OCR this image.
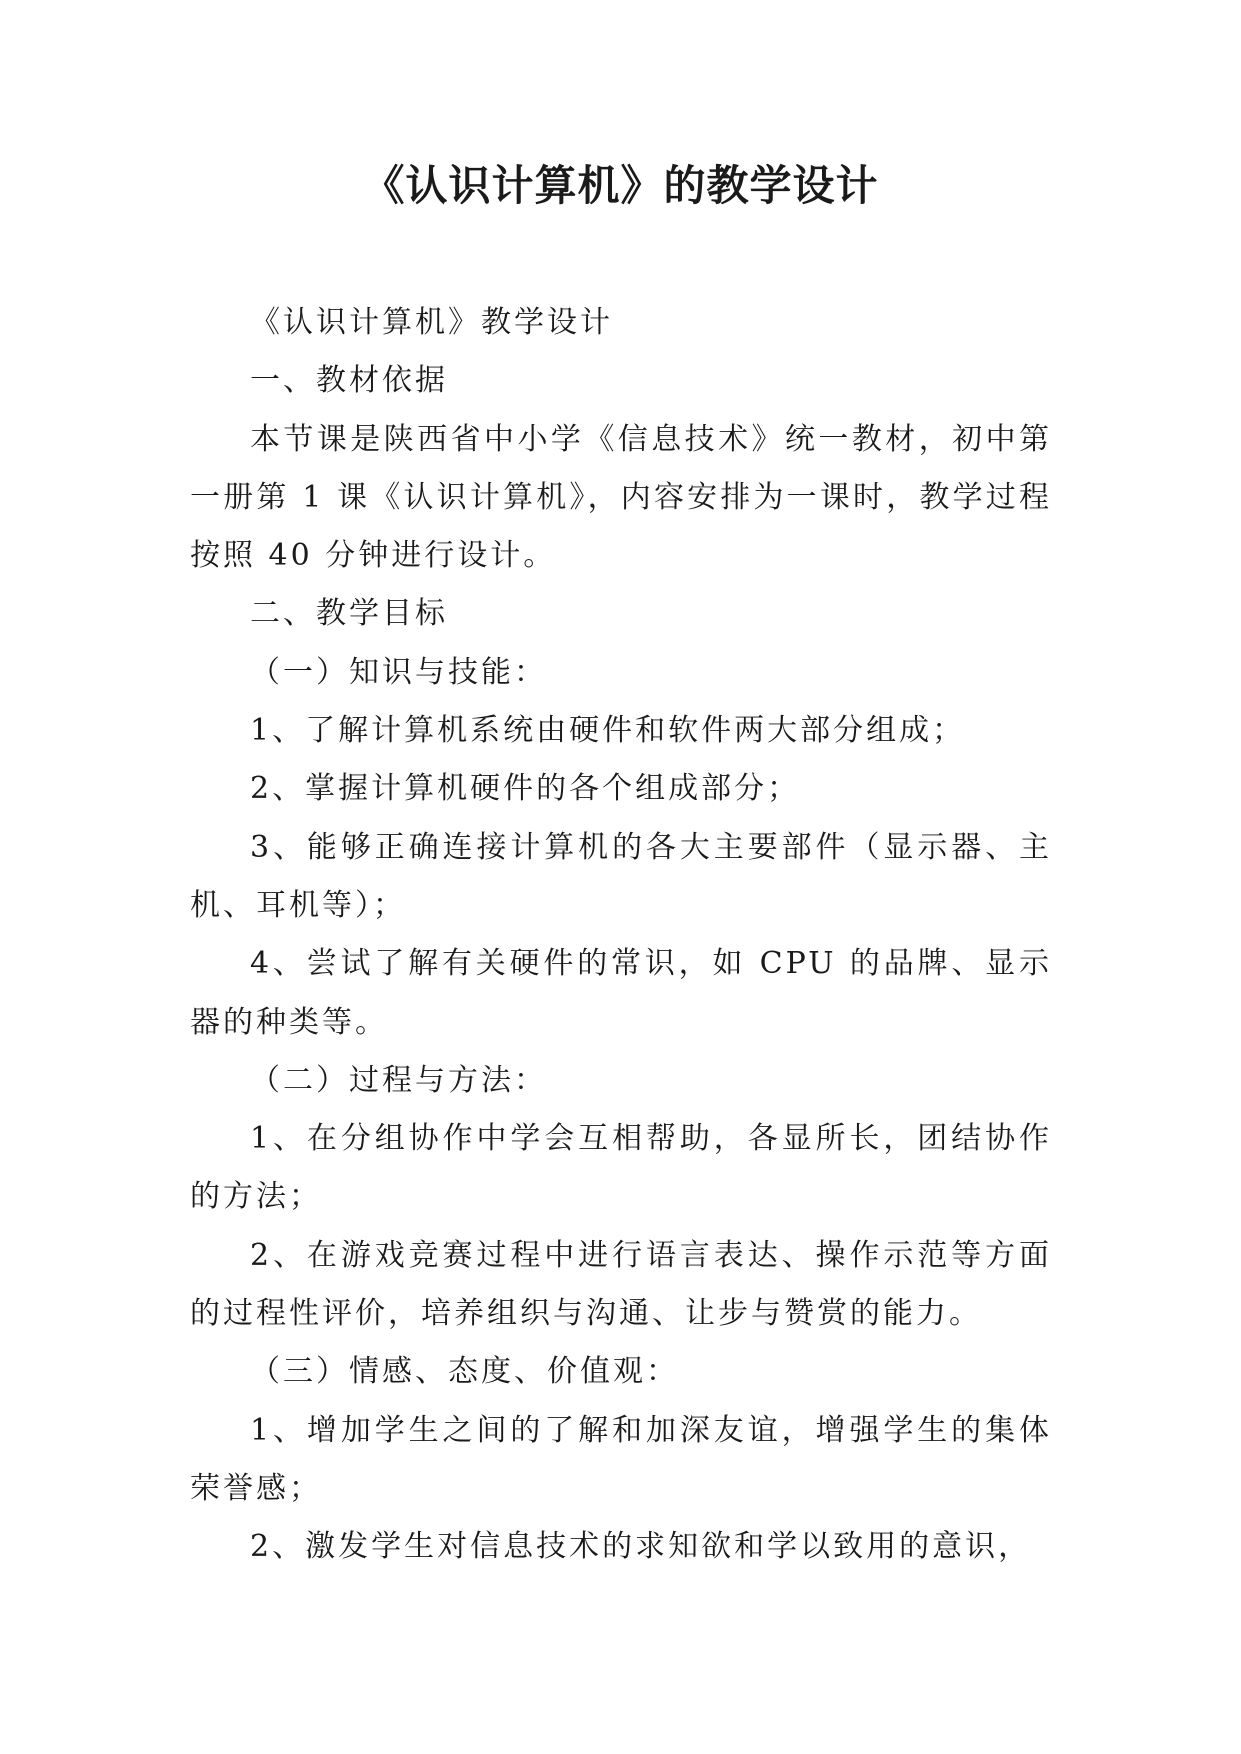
《认识计算机》的教学设计

《认识计算机》教学设计

一、教材依据

本节课是陕西省中小学《信息技术》统一教材，初中第一册第 1 课《认识计算机》，内容安排为一课时，教学过程按照 40 分钟进行设计。

二、教学目标

（一）知识与技能：

1、了解计算机系统由硬件和软件两大部分组成；

2、掌握计算机硬件的各个组成部分；

3、能够正确连接计算机的各大主要部件（显示器、主机、耳机等）；

4、尝试了解有关硬件的常识，如 CPU 的品牌、显示器的种类等。

（二）过程与方法：

1、在分组协作中学会互相帮助，各显所长，团结协作的方法；

2、在游戏竞赛过程中进行语言表达、操作示范等方面的过程性评价，培养组织与沟通、让步与赞赏的能力。

（三）情感、态度、价值观：

1、增加学生之间的了解和加深友谊，增强学生的集体荣誉感；

2、激发学生对信息技术的求知欲和学以致用的意识，
